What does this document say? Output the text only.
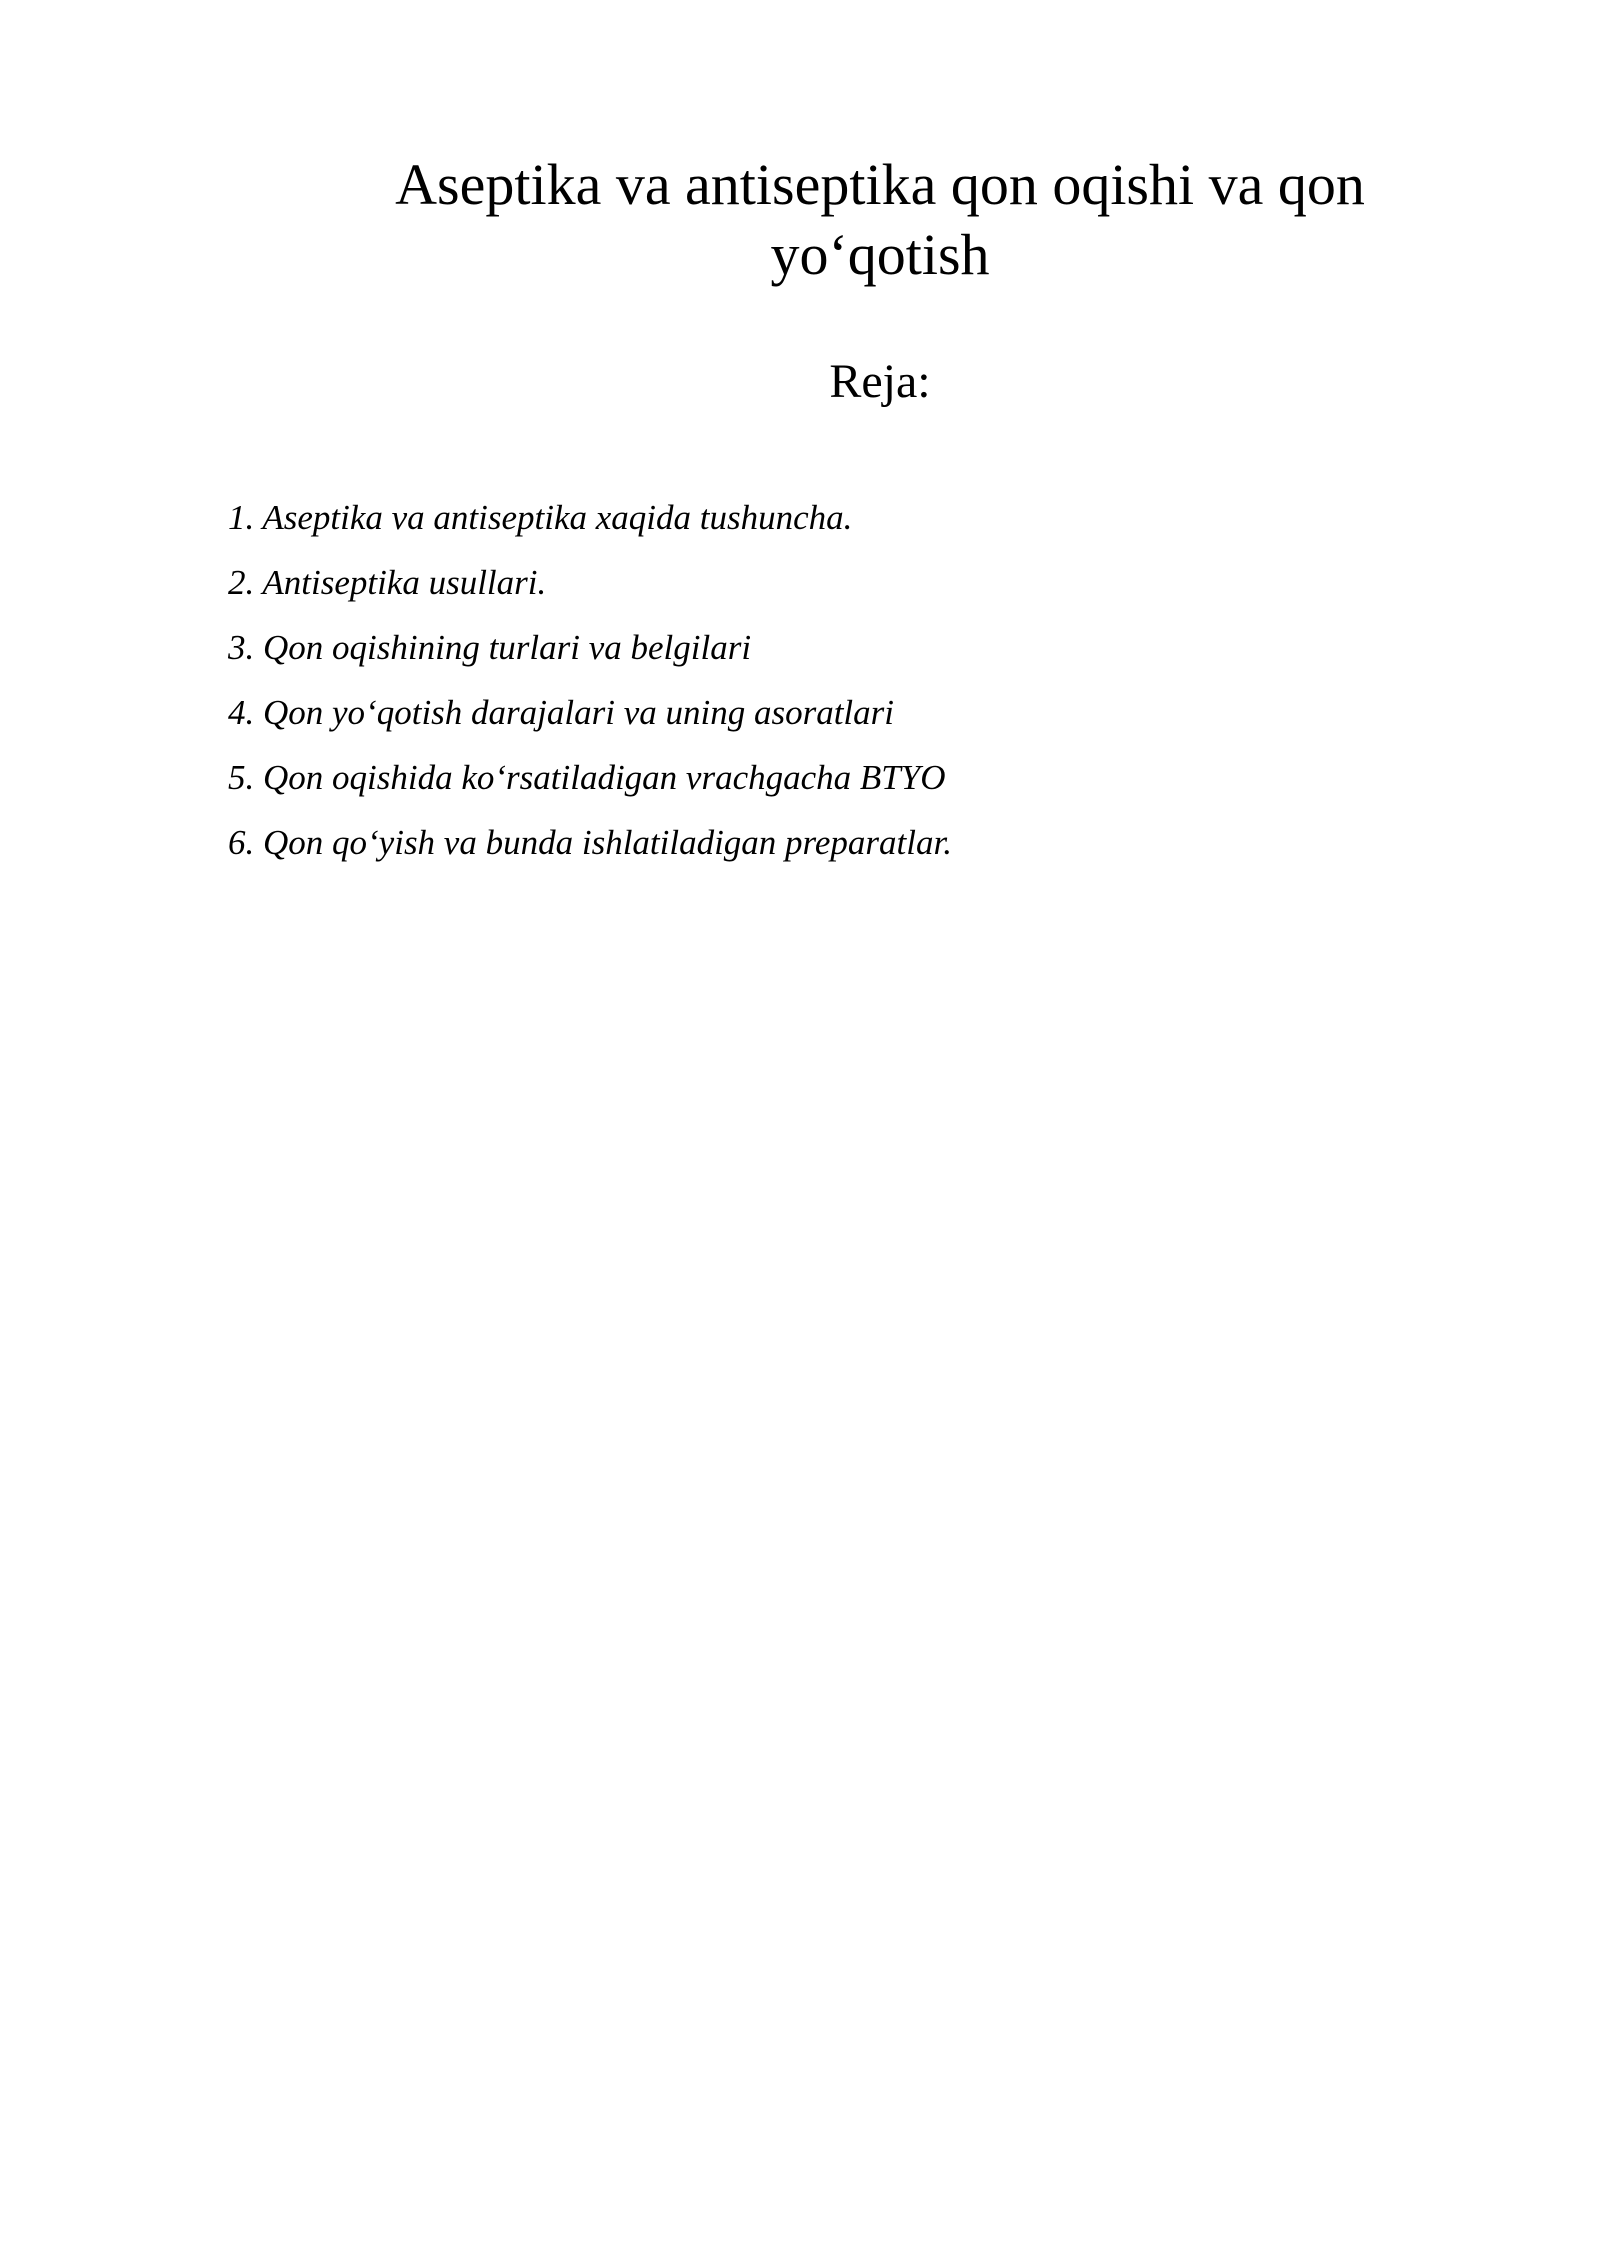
Aseptika va antiseptika qon oqishi va qon yo‘qotish
Reja:
1. Aseptika va antiseptika xaqida tushuncha.
2. Antiseptika usullari.
3. Qon oqishining turlari va belgilari
4. Qon yo‘qotish darajalari va uning asoratlari
5. Qon oqishida ko‘rsatiladigan vrachgacha BTYO
6. Qon qo‘yish va bunda ishlatiladigan preparatlar.
